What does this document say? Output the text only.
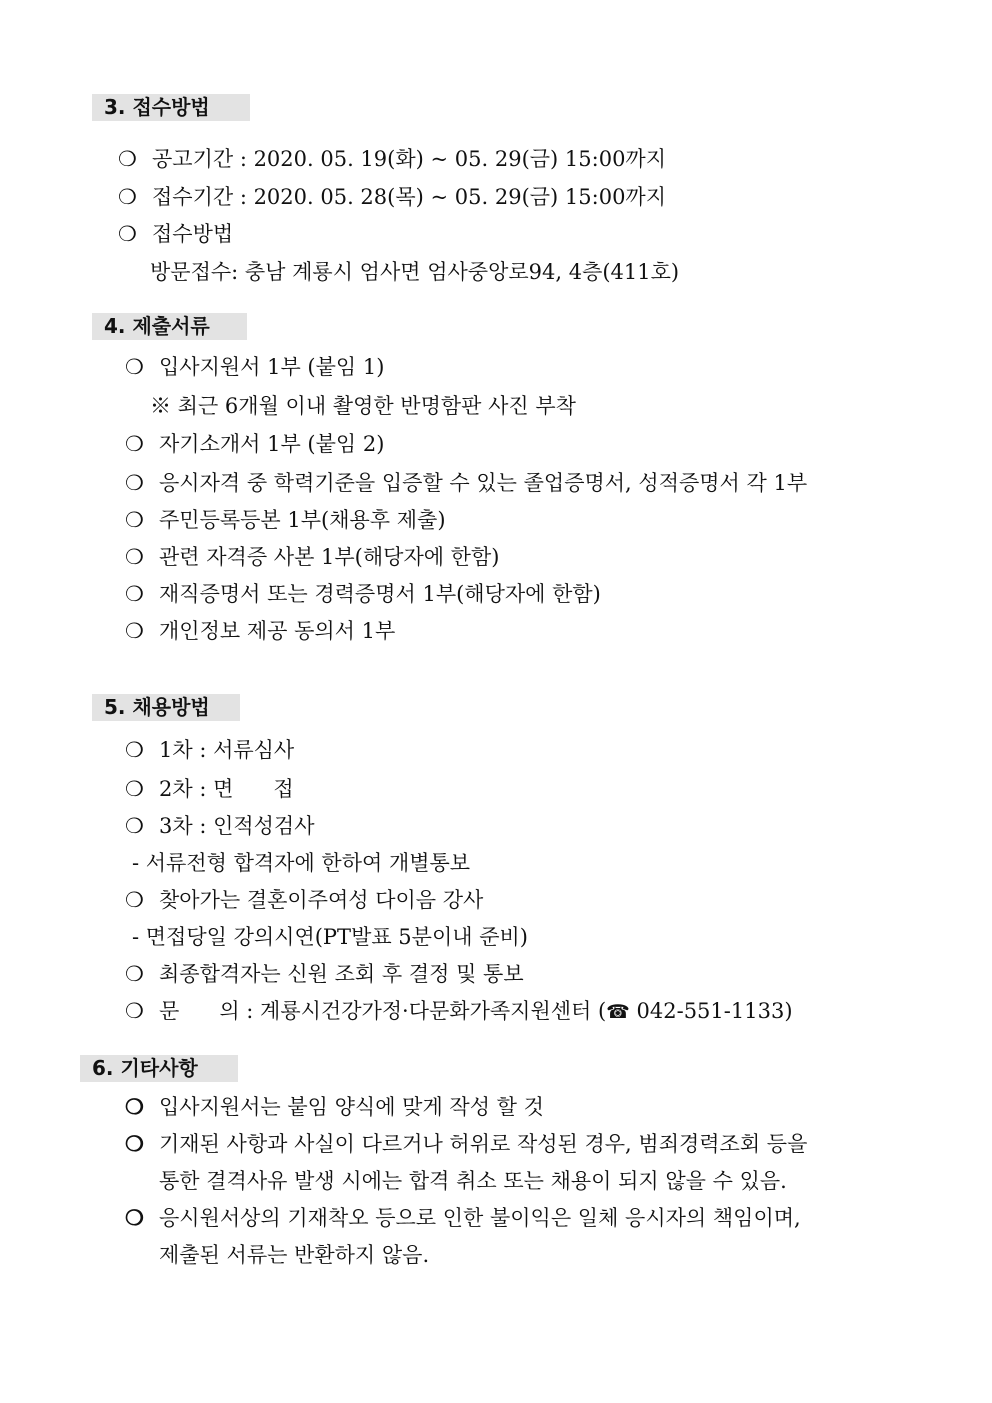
3. 접수방법
❍ 공고기간 : 2020. 05. 19(화) ~ 05. 29(금) 15:00까지
❍ 접수기간 : 2020. 05. 28(목) ~ 05. 29(금) 15:00까지
❍ 접수방법
방문접수: 충남 계룡시 엄사면 엄사중앙로94, 4층(411호)
4. 제출서류
❍ 입사지원서 1부 (붙임 1)
※ 최근 6개월 이내 촬영한 반명함판 사진 부착
❍ 자기소개서 1부 (붙임 2)
❍ 응시자격 중 학력기준을 입증할 수 있는 졸업증명서, 성적증명서 각 1부
❍ 주민등록등본 1부(채용후 제출)
❍ 관련 자격증 사본 1부(해당자에 한함)
❍ 재직증명서 또는 경력증명서 1부(해당자에 한함)
❍ 개인정보 제공 동의서 1부
5. 채용방법
❍ 1차 : 서류심사
❍ 2차 : 면      접
❍ 3차 : 인적성검사
- 서류전형 합격자에 한하여 개별통보
❍ 찾아가는 결혼이주여성 다이음 강사
- 면접당일 강의시연(PT발표 5분이내 준비)
❍ 최종합격자는 신원 조회 후 결정 및 통보
❍ 문      의 : 계룡시건강가정·다문화가족지원센터 (☎ 042-551-1133)
6. 기타사항
❍ 입사지원서는 붙임 양식에 맞게 작성 할 것
❍ 기재된 사항과 사실이 다르거나 허위로 작성된 경우, 범죄경력조회 등을
통한 결격사유 발생 시에는 합격 취소 또는 채용이 되지 않을 수 있음.
❍ 응시원서상의 기재착오 등으로 인한 불이익은 일체 응시자의 책임이며,
제출된 서류는 반환하지 않음.
